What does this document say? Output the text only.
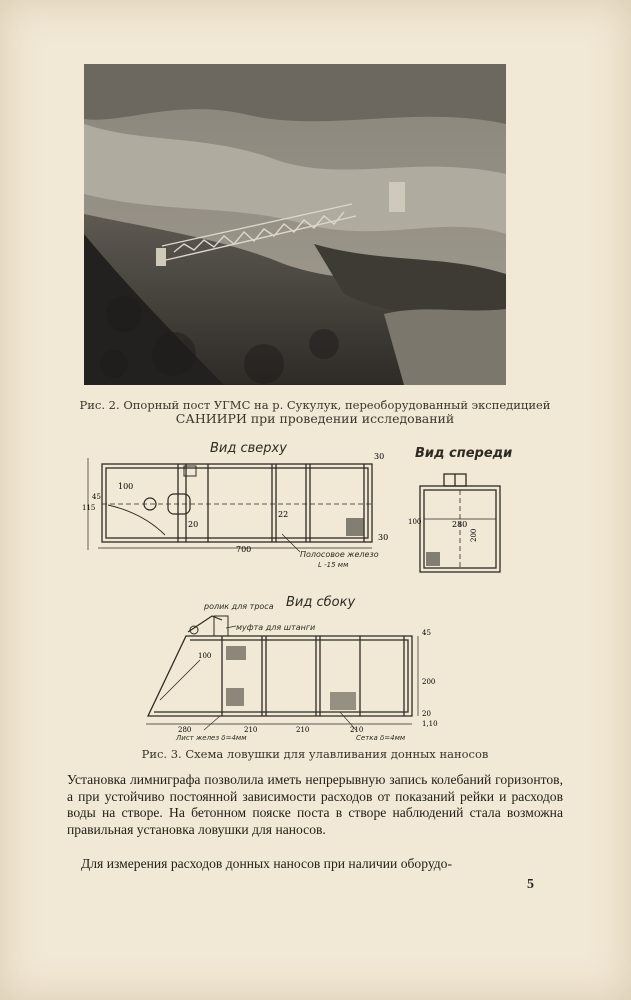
Рис. 2. Опорный пост УГМС на р. Сукулук, переоборудованный экспедицией
САНИИРИ при проведении исследований
Вид сверху
100
700
20
30
30
22
45
115
Полосовое железо
L -15 мм
Вид спереди
280
200
100
Вид сбоку
ролик для троса
муфта для штанги
100
280	210	210	210
45
20
200
1,10
Лист желез δ=4мм	Сетка δ=4мм
Рис. 3. Схема ловушки для улавливания донных наносов
Установка лимниграфа позволила иметь непрерывную запись колебаний горизонтов, а при устойчиво постоянной зависимости расходов от показаний рейки и расходов воды на створе. На бетонном пояске поста в створе наблюдений стала возможна правильная установка ловушки для наносов.
Для измерения расходов донных наносов при наличии оборудо-
5
